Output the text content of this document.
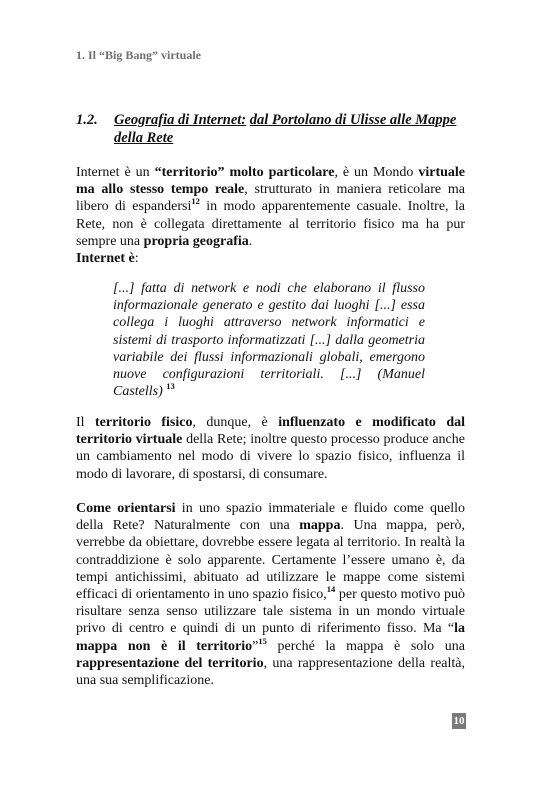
1. Il “Big Bang” virtuale
1.2. Geografia di Internet: dal Portolano di Ulisse alle Mappe della Rete

Internet è un “territorio” molto particolare, è un Mondo virtuale ma allo stesso tempo reale, strutturato in maniera reticolare ma libero di espandersi$^{12}$ in modo apparentemente casuale. Inoltre, la Rete, non è collegata direttamente al territorio fisico ma ha pur sempre una propria geografia.
Internet è:

[...] fatta di network e nodi che elaborano il flusso informazionale generato e gestito dai luoghi [...] essa collega i luoghi attraverso network informatici e sistemi di trasporto informatizzati [...] dalla geometria variabile dei flussi informazionali globali, emergono nuove configurazioni territoriali. [...] (Manuel Castells) $^{13}$

Il territorio fisico, dunque, è influenzato e modificato dal territorio virtuale della Rete; inoltre questo processo produce anche un cambiamento nel modo di vivere lo spazio fisico, influenza il modo di lavorare, di spostarsi, di consumare.

Come orientarsi in uno spazio immateriale e fluido come quello della Rete? Naturalmente con una mappa. Una mappa, però, verrebbe da obiettare, dovrebbe essere legata al territorio. In realtà la contraddizione è solo apparente. Certamente l’essere umano è, da tempi antichissimi, abituato ad utilizzare le mappe come sistemi efficaci di orientamento in uno spazio fisico,$^{14}$ per questo motivo può risultare senza senso utilizzare tale sistema in un mondo virtuale privo di centro e quindi di un punto di riferimento fisso. Ma “la mappa non è il territorio”$^{15}$ perché la mappa è solo una rappresentazione del territorio, una rappresentazione della realtà, una sua semplificazione.

10
